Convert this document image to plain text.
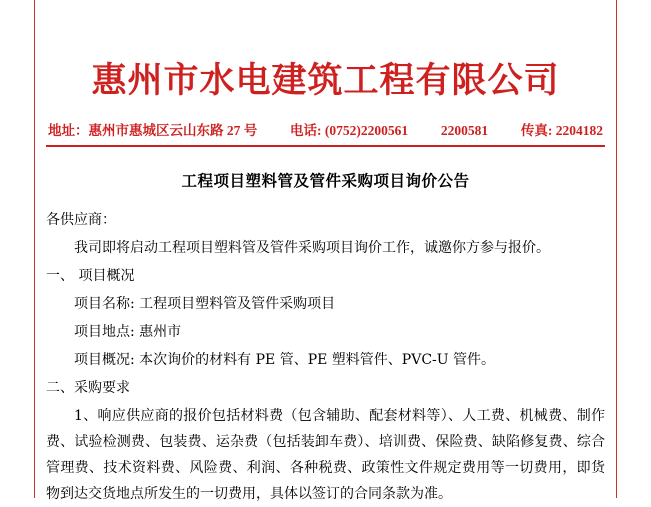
惠州市水电建筑工程有限公司
地址：惠州市惠城区云山东路 27 号 电话: (0752)2200561 2200581 传真: 2204182
工程项目塑料管及管件采购项目询价公告

各供应商：

我司即将启动工程项目塑料管及管件采购项目询价工作，诚邀你方参与报价。

一、 项目概况

项目名称: 工程项目塑料管及管件采购项目

项目地点: 惠州市

项目概况: 本次询价的材料有 PE 管、PE 塑料管件、PVC-U 管件。

二、采购要求

1、响应供应商的报价包括材料费（包含辅助、配套材料等）、人工费、机械费、制作费、试验检测费、包装费、运杂费（包括装卸车费）、培训费、保险费、缺陷修复费、综合管理费、技术资料费、风险费、利润、各种税费、政策性文件规定费用等一切费用，即货物到达交货地点所发生的一切费用，具体以签订的合同条款为准。
